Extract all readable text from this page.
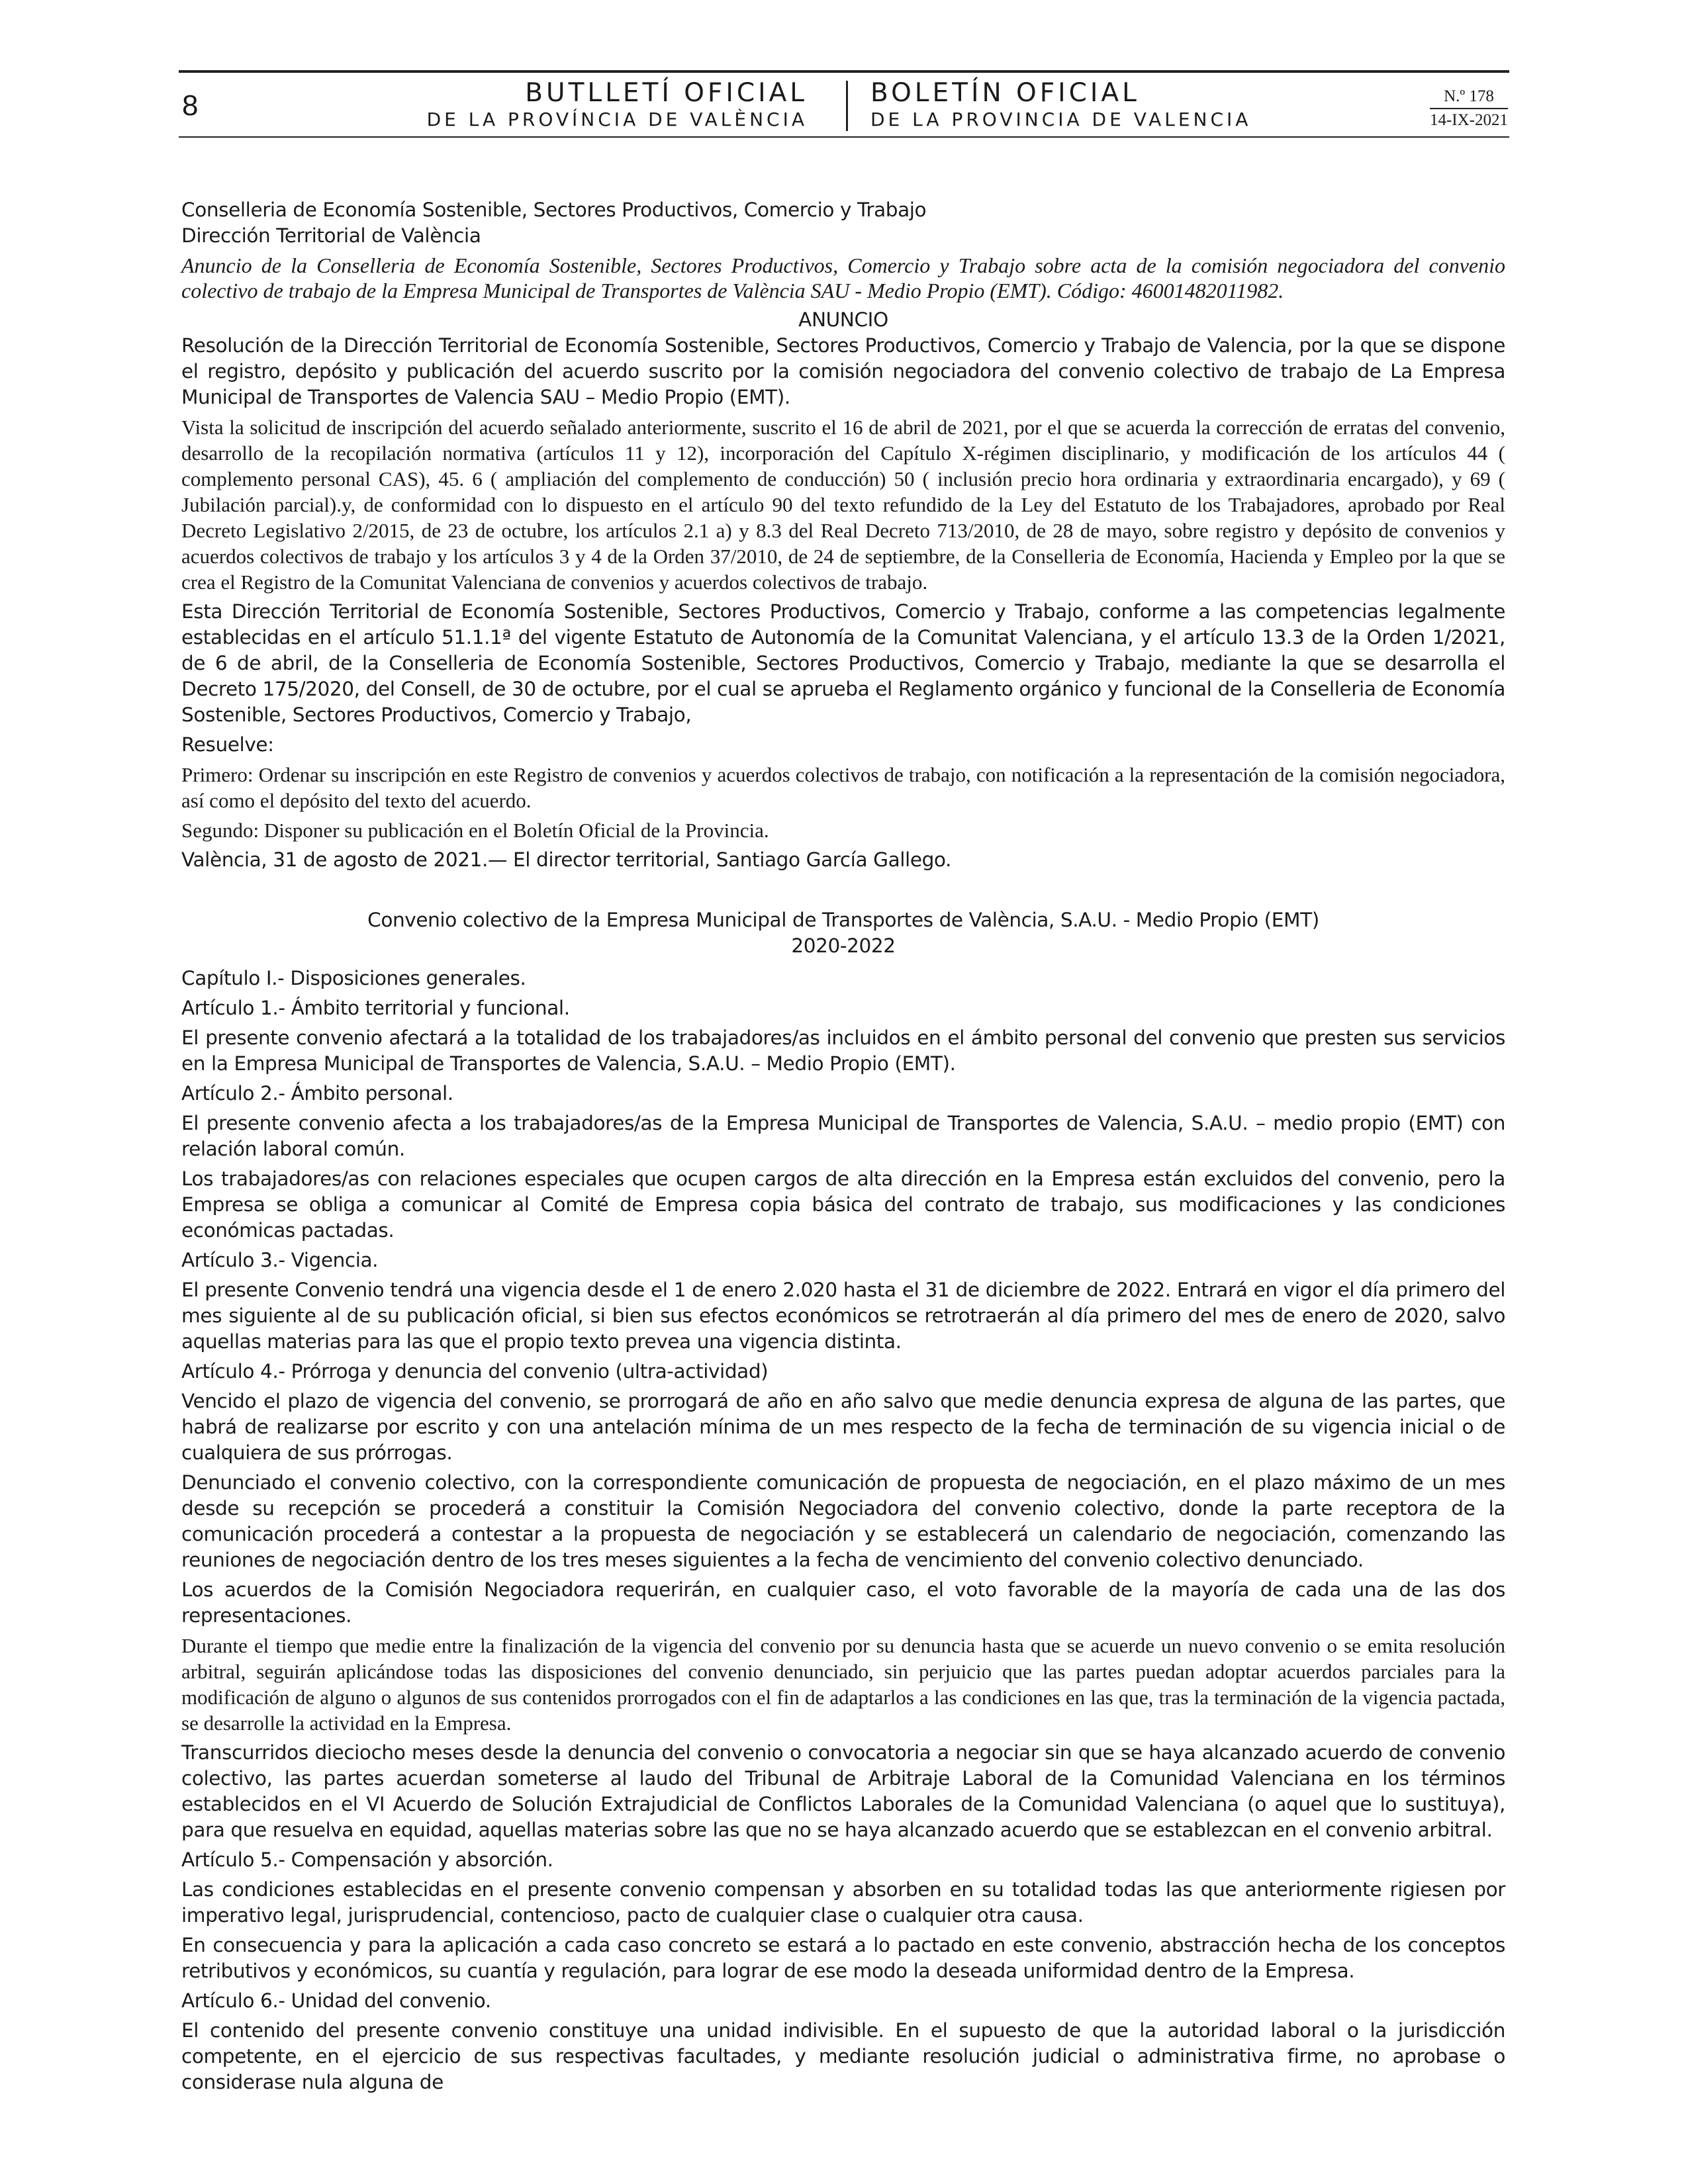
8	BUTLLETÍ OFICIAL
DE LA PROVÍNCIA DE VALÈNCIA
BOLETÍN OFICIAL
DE LA PROVINCIA DE VALENCIA
N.º 178
14-IX-2021

Conselleria de Economía Sostenible, Sectores Productivos, Comercio y Trabajo

Dirección Territorial de València

Anuncio de la Conselleria de Economía Sostenible, Sectores Productivos, Comercio y Trabajo sobre acta de la comisión negociadora del convenio colectivo de trabajo de la Empresa Municipal de Transportes de València SAU - Medio Propio (EMT). Código: 46001482011982.

ANUNCIO

Resolución de la Dirección Territorial de Economía Sostenible, Sectores Productivos, Comercio y Trabajo de Valencia, por la que se dispone el registro, depósito y publicación del acuerdo suscrito por la comisión negociadora del convenio colectivo de trabajo de La Empresa Municipal de Transportes de Valencia SAU – Medio Propio (EMT).

Vista la solicitud de inscripción del acuerdo señalado anteriormente, suscrito el 16 de abril de 2021, por el que se acuerda la corrección de erratas del convenio, desarrollo de la recopilación normativa (artículos 11 y 12), incorporación del Capítulo X-régimen disciplinario, y modificación de los artículos 44 ( complemento personal CAS), 45. 6 ( ampliación del complemento de conducción) 50 ( inclusión precio hora ordinaria y extraordinaria encargado), y 69 ( Jubilación parcial).y, de conformidad con lo dispuesto en el artículo 90 del texto refundido de la Ley del Estatuto de los Trabajadores, aprobado por Real Decreto Legislativo 2/2015, de 23 de octubre, los artículos 2.1 a) y 8.3 del Real Decreto 713/2010, de 28 de mayo, sobre registro y depósito de convenios y acuerdos colectivos de trabajo y los artículos 3 y 4 de la Orden 37/2010, de 24 de septiembre, de la Conselleria de Economía, Hacienda y Empleo por la que se crea el Registro de la Comunitat Valenciana de convenios y acuerdos colectivos de trabajo.

Esta Dirección Territorial de Economía Sostenible, Sectores Productivos, Comercio y Trabajo, conforme a las competencias legalmente establecidas en el artículo 51.1.1ª del vigente Estatuto de Autonomía de la Comunitat Valenciana, y el artículo 13.3 de la Orden 1/2021, de 6 de abril, de la Conselleria de Economía Sostenible, Sectores Productivos, Comercio y Trabajo, mediante la que se desarrolla el Decreto 175/2020, del Consell, de 30 de octubre, por el cual se aprueba el Reglamento orgánico y funcional de la Conselleria de Economía Sostenible, Sectores Productivos, Comercio y Trabajo,

Resuelve:

Primero: Ordenar su inscripción en este Registro de convenios y acuerdos colectivos de trabajo, con notificación a la representación de la comisión negociadora, así como el depósito del texto del acuerdo.

Segundo: Disponer su publicación en el Boletín Oficial de la Provincia.

València, 31 de agosto de 2021.— El director territorial, Santiago García Gallego.

Convenio colectivo de la Empresa Municipal de Transportes de València, S.A.U. - Medio Propio (EMT)

2020-2022

Capítulo I.- Disposiciones generales.

Artículo 1.- Ámbito territorial y funcional.

El presente convenio afectará a la totalidad de los trabajadores/as incluidos en el ámbito personal del convenio que presten sus servicios en la Empresa Municipal de Transportes de Valencia, S.A.U. – Medio Propio (EMT).

Artículo 2.- Ámbito personal.

El presente convenio afecta a los trabajadores/as de la Empresa Municipal de Transportes de Valencia, S.A.U. – medio propio (EMT) con relación laboral común.

Los trabajadores/as con relaciones especiales que ocupen cargos de alta dirección en la Empresa están excluidos del convenio, pero la Empresa se obliga a comunicar al Comité de Empresa copia básica del contrato de trabajo, sus modificaciones y las condiciones económicas pactadas.

Artículo 3.- Vigencia.

El presente Convenio tendrá una vigencia desde el 1 de enero 2.020 hasta el 31 de diciembre de 2022. Entrará en vigor el día primero del mes siguiente al de su publicación oficial, si bien sus efectos económicos se retrotraerán al día primero del mes de enero de 2020, salvo aquellas materias para las que el propio texto prevea una vigencia distinta.

Artículo 4.- Prórroga y denuncia del convenio (ultra-actividad)

Vencido el plazo de vigencia del convenio, se prorrogará de año en año salvo que medie denuncia expresa de alguna de las partes, que habrá de realizarse por escrito y con una antelación mínima de un mes respecto de la fecha de terminación de su vigencia inicial o de cualquiera de sus prórrogas.

Denunciado el convenio colectivo, con la correspondiente comunicación de propuesta de negociación, en el plazo máximo de un mes desde su recepción se procederá a constituir la Comisión Negociadora del convenio colectivo, donde la parte receptora de la comunicación procederá a contestar a la propuesta de negociación y se establecerá un calendario de negociación, comenzando las reuniones de negociación dentro de los tres meses siguientes a la fecha de vencimiento del convenio colectivo denunciado.

Los acuerdos de la Comisión Negociadora requerirán, en cualquier caso, el voto favorable de la mayoría de cada una de las dos representaciones.

Durante el tiempo que medie entre la finalización de la vigencia del convenio por su denuncia hasta que se acuerde un nuevo convenio o se emita resolución arbitral, seguirán aplicándose todas las disposiciones del convenio denunciado, sin perjuicio que las partes puedan adoptar acuerdos parciales para la modificación de alguno o algunos de sus contenidos prorrogados con el fin de adaptarlos a las condiciones en las que, tras la terminación de la vigencia pactada, se desarrolle la actividad en la Empresa.

Transcurridos dieciocho meses desde la denuncia del convenio o convocatoria a negociar sin que se haya alcanzado acuerdo de convenio colectivo, las partes acuerdan someterse al laudo del Tribunal de Arbitraje Laboral de la Comunidad Valenciana en los términos establecidos en el VI Acuerdo de Solución Extrajudicial de Conflictos Laborales de la Comunidad Valenciana (o aquel que lo sustituya), para que resuelva en equidad, aquellas materias sobre las que no se haya alcanzado acuerdo que se establezcan en el convenio arbitral.

Artículo 5.- Compensación y absorción.

Las condiciones establecidas en el presente convenio compensan y absorben en su totalidad todas las que anteriormente rigiesen por imperativo legal, jurisprudencial, contencioso, pacto de cualquier clase o cualquier otra causa.

En consecuencia y para la aplicación a cada caso concreto se estará a lo pactado en este convenio, abstracción hecha de los conceptos retributivos y económicos, su cuantía y regulación, para lograr de ese modo la deseada uniformidad dentro de la Empresa.

Artículo 6.- Unidad del convenio.

El contenido del presente convenio constituye una unidad indivisible. En el supuesto de que la autoridad laboral o la jurisdicción competente, en el ejercicio de sus respectivas facultades, y mediante resolución judicial o administrativa firme, no aprobase o considerase nula alguna de
